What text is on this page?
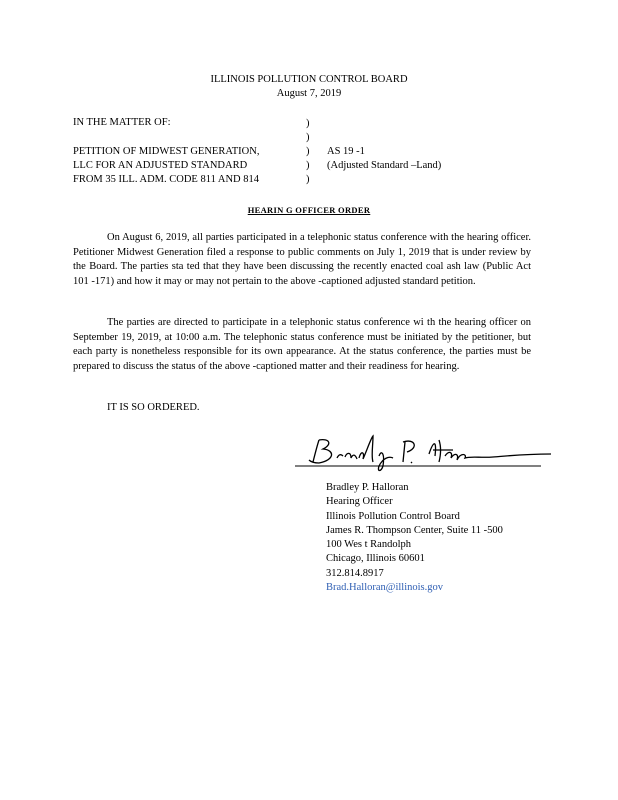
ILLINOIS POLLUTION CONTROL BOARD
August 7, 2019
IN THE MATTER OF:	)
)
)
)
)
PETITION OF MIDWEST GENERATION,
LLC FOR AN ADJUSTED STANDARD
FROM 35 ILL. ADM. CODE 811 AND 814
AS 19 -1
(Adjusted Standard –Land)
HEARIN G OFFICER ORDER
On August 6, 2019, all parties participated in a telephonic status conference with the hearing officer. Petitioner Midwest Generation filed a response to public comments on July 1, 2019 that is under review by the Board. The parties sta ted that they have been discussing the recently enacted coal ash law (Public Act 101 -171) and how it may or may not pertain to the above -captioned adjusted standard petition.
The parties are directed to participate in a telephonic status conference wi th the hearing officer on September 19, 2019, at 10:00 a.m. The telephonic status conference must be initiated by the petitioner, but each party is nonetheless responsible for its own appearance. At the status conference, the parties must be prepared to discuss the status of the above -captioned matter and their readiness for hearing.
IT IS SO ORDERED.
Bradley P. Halloran
Hearing Officer
Illinois Pollution Control Board
James R. Thompson Center, Suite 11 -500
100 Wes t Randolph
Chicago, Illinois 60601
312.814.8917
Brad.Halloran@illinois.gov
